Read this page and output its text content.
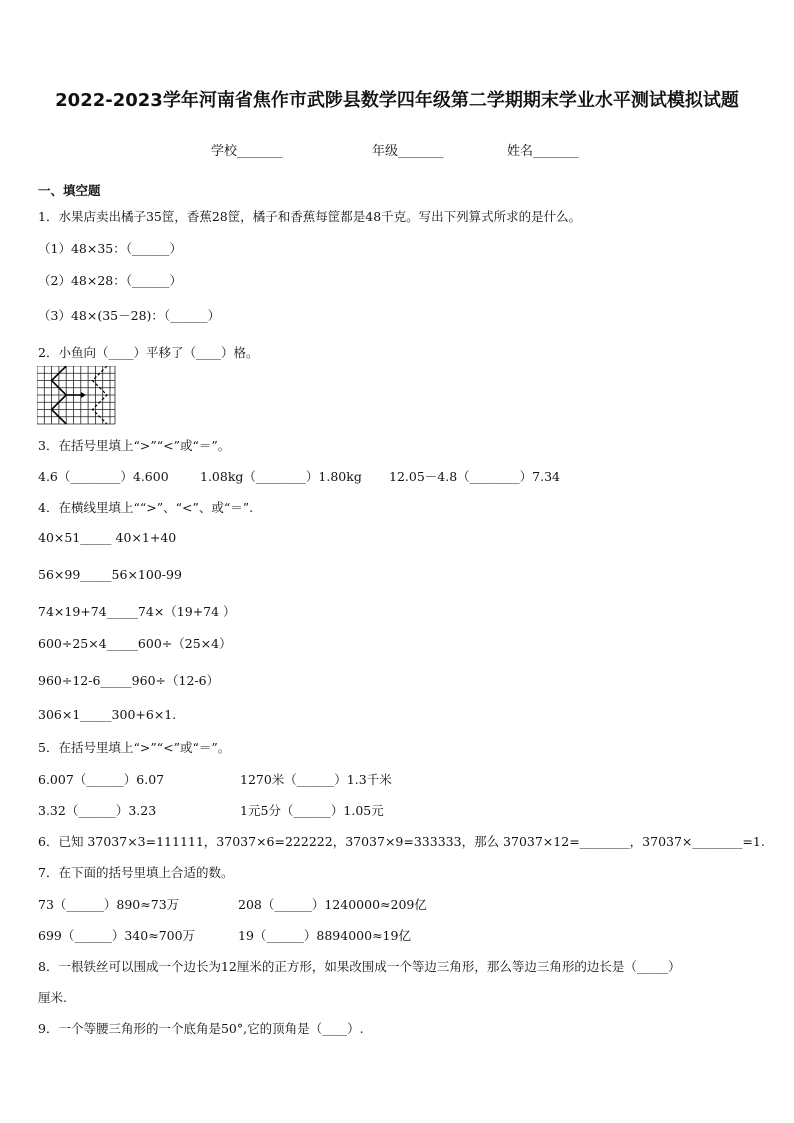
2022-2023学年河南省焦作市武陟县数学四年级第二学期期末学业水平测试模拟试题
学校_______	年级_______	姓名_______
一、填空题
1．水果店卖出橘子35筐，香蕉28筐，橘子和香蕉每筐都是48千克。写出下列算式所求的是什么。
（1）48×35：（______）
（2）48×28：（______）
（3）48×(35－28)：（______）
2．小鱼向（____）平移了（____）格。
3．在括号里填上“>”“<”或“＝”。
4.6（________）4.600	1.08kg（________）1.80kg 12.05－4.8（________）7.34
4．在横线里填上““>”、“<”、或“＝”.
40×51_____ 40×1+40
56×99_____56×100-99
74×19+74_____74×（19+74 ）
600÷25×4_____600÷（25×4）
960÷12-6_____960÷（12-6）
306×1_____300+6×1.
5．在括号里填上“>”“<”或“＝”。
6.007（______）6.07	1270米（______）1.3千米
3.32（______）3.23	1元5分（______）1.05元
6．已知 37037×3=111111，37037×6=222222，37037×9=333333，那么 37037×12=________，37037×________=1.
7．在下面的括号里填上合适的数。
73（______）890≈73万	208（______）1240000≈209亿
699（______）340≈700万	19（______）8894000≈19亿
8．一根铁丝可以围成一个边长为12厘米的正方形，如果改围成一个等边三角形，那么等边三角形的边长是（_____）
厘米.
9．一个等腰三角形的一个底角是50°,它的顶角是（____）.
